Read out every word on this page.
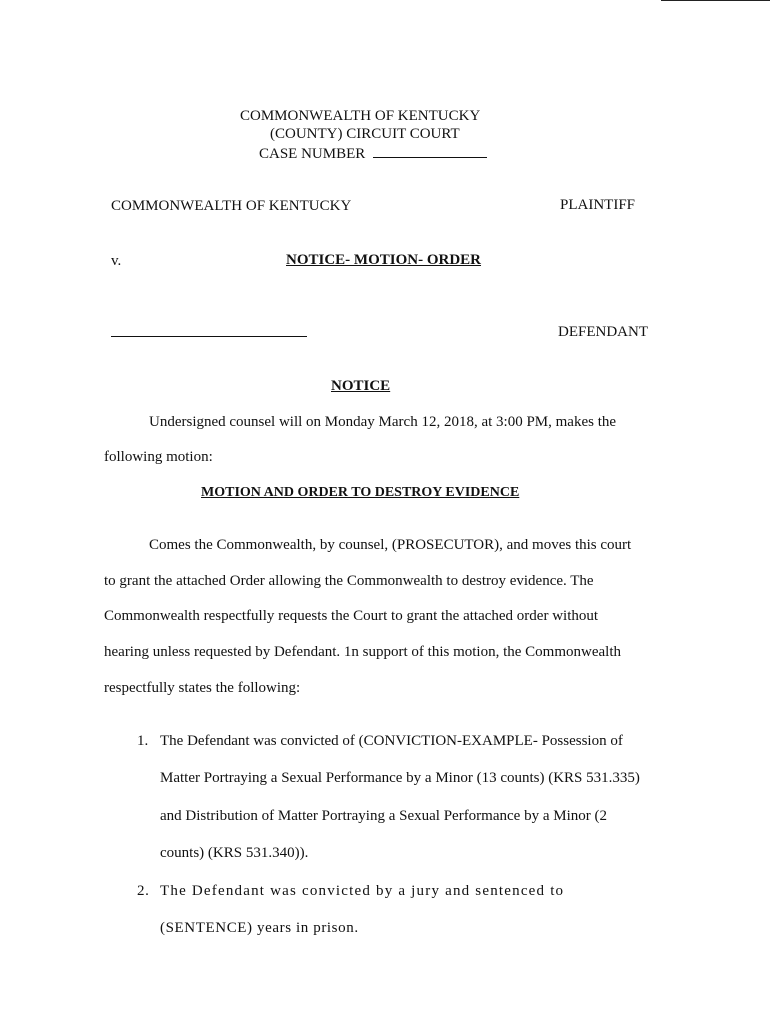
COMMONWEALTH OF KENTUCKY
(COUNTY) CIRCUIT COURT
CASE NUMBER
COMMONWEALTH OF KENTUCKY	PLAINTIFF
v.	NOTICE- MOTION- ORDER
DEFENDANT
NOTICE
Undersigned counsel will on Monday March 12, 2018, at 3:00 PM, makes the
following motion:
MOTION AND ORDER TO DESTROY EVIDENCE
Comes the Commonwealth, by counsel, (PROSECUTOR), and moves this court
to grant the attached Order allowing the Commonwealth to destroy evidence. The
Commonwealth respectfully requests the Court to grant the attached order without
hearing unless requested by Defendant. 1n support of this motion, the Commonwealth
respectfully states the following:
1. The Defendant was convicted of (CONVICTION-EXAMPLE- Possession of
Matter Portraying a Sexual Performance by a Minor (13 counts) (KRS 531.335)
and Distribution of Matter Portraying a Sexual Performance by a Minor (2
counts) (KRS 531.340)).
2. The Defendant was convicted by a jury and sentenced to
(SENTENCE) years in prison.
